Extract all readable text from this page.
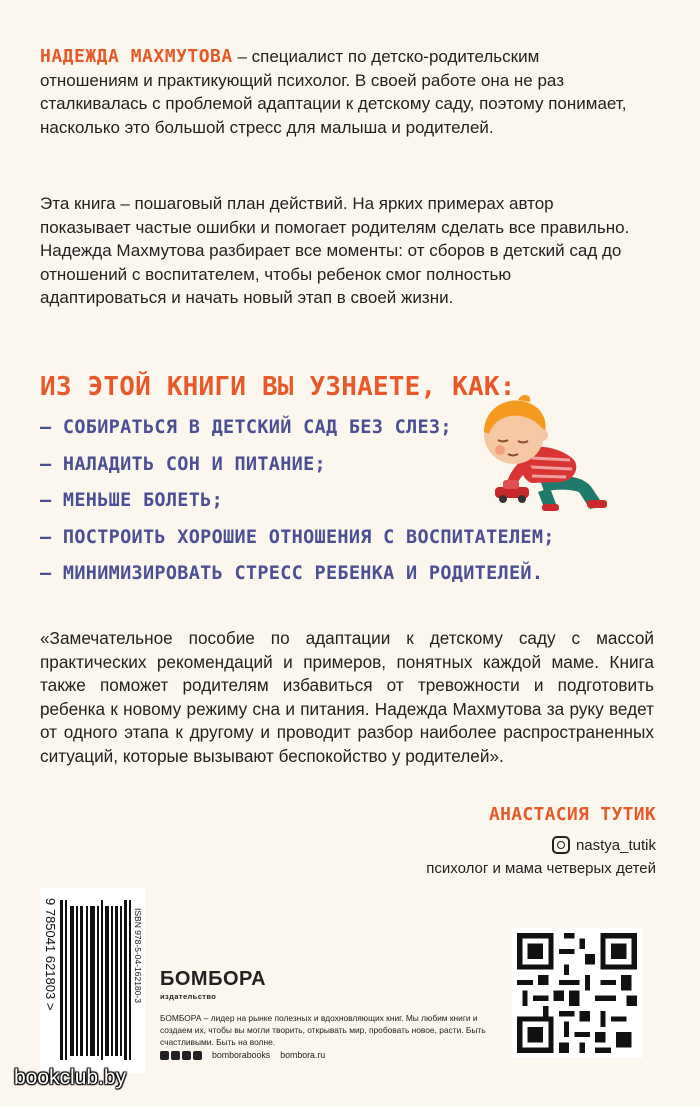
НАДЕЖДА МАХМУТОВА – специалист по детско-родительским отношениям и практикующий психолог. В своей работе она не раз сталкивалась с проблемой адаптации к детскому саду, поэтому понимает, насколько это большой стресс для малыша и родителей.
Эта книга – пошаговый план действий. На ярких примерах автор показывает частые ошибки и помогает родителям сделать все правильно. Надежда Махмутова разбирает все моменты: от сборов в детский сад до отношений с воспитателем, чтобы ребенок смог полностью адаптироваться и начать новый этап в своей жизни.
ИЗ ЭТОЙ КНИГИ ВЫ УЗНАЕТЕ, КАК:
– СОБИРАТЬСЯ В ДЕТСКИЙ САД БЕЗ СЛЕЗ;
– НАЛАДИТЬ СОН И ПИТАНИЕ;
– МЕНЬШЕ БОЛЕТЬ;
– ПОСТРОИТЬ ХОРОШИЕ ОТНОШЕНИЯ С ВОСПИТАТЕЛЕМ;
– МИНИМИЗИРОВАТЬ СТРЕСС РЕБЕНКА И РОДИТЕЛЕЙ.
«Замечательное пособие по адаптации к детскому саду с массой практических рекомендаций и примеров, понятных каждой маме. Книга также поможет родителям избавиться от тревожности и подготовить ребенка к новому режиму сна и питания. Надежда Махмутова за руку ведет от одного этапа к другому и проводит разбор наиболее распространенных ситуаций, которые вызывают беспокойство у родителей».
АНАСТАСИЯ ТУТИК
nastya_tutik
психолог и мама четверых детей
ISBN 978-5-04-162180-3
9 785041 621803 >	БОМБОРА
издательство
БОМБОРА – лидер на рынке полезных и вдохновляющих книг. Мы любим книги и создаем их, чтобы вы могли творить, открывать мир, пробовать новое, расти. Быть счастливыми. Быть на волне.
bomborabooks bombora.ru
bookclub.by
